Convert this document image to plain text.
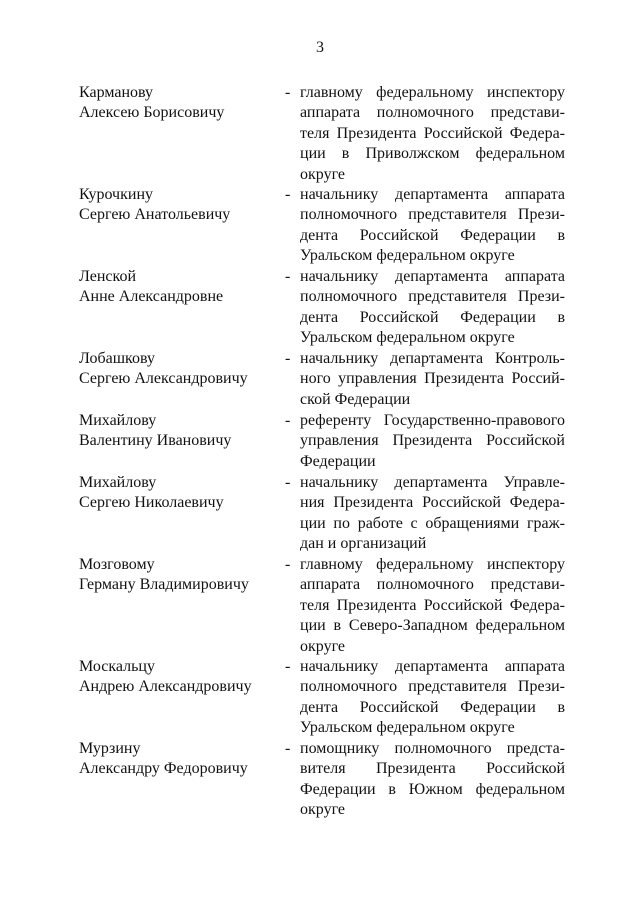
3
Карманову
Алексею Борисовичу
- главному федеральному инспектору
аппарата полномочного представи-
теля Президента Российской Федера-
ции в Приволжском федеральном
округе
Курочкину
Сергею Анатольевичу
- начальнику департамента аппарата
полномочного представителя Прези-
дента Российской Федерации в
Уральском федеральном округе
Ленской
Анне Александровне
- начальнику департамента аппарата
полномочного представителя Прези-
дента Российской Федерации в
Уральском федеральном округе
Лобашкову
Сергею Александровичу
- начальнику департамента Контроль-
ного управления Президента Россий-
ской Федерации
Михайлову
Валентину Ивановичу
- референту Государственно-правового
управления Президента Российской
Федерации
Михайлову
Сергею Николаевичу
- начальнику департамента Управле-
ния Президента Российской Федера-
ции по работе с обращениями граж-
дан и организаций
Мозговому
Герману Владимировичу
- главному федеральному инспектору
аппарата полномочного представи-
теля Президента Российской Федера-
ции в Северо-Западном федеральном
округе
Москальцу
Андрею Александровичу
- начальнику департамента аппарата
полномочного представителя Прези-
дента Российской Федерации в
Уральском федеральном округе
Мурзину
Александру Федоровичу
- помощнику полномочного предста-
вителя Президента Российской
Федерации в Южном федеральном
округе
